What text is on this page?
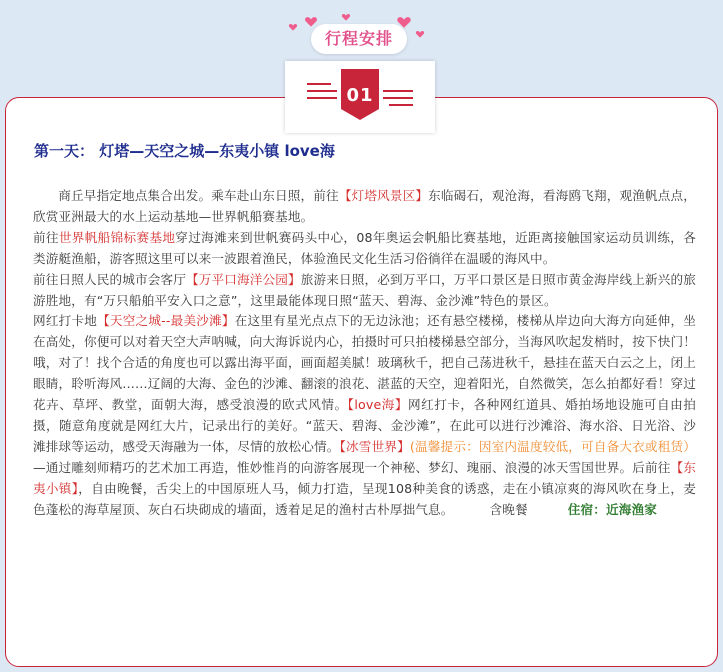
行程安排
01
第一天： 灯塔—天空之城—东夷小镇 love海

商丘早指定地点集合出发。乘车赴山东日照，前往【灯塔风景区】东临碣石，观沧海，看海鸥飞翔，观渔帆点点，欣赏亚洲最大的水上运动基地—世界帆船赛基地。

前往世界帆船锦标赛基地穿过海滩来到世帆赛码头中心，08年奥运会帆船比赛基地，近距离接触国家运动员训练，各类游艇渔船，游客照这里可以来一波跟着渔民，体验渔民文化生活习俗徜徉在温暖的海风中。

前往日照人民的城市会客厅【万平口海洋公园】旅游来日照，必到万平口，万平口景区是日照市黄金海岸线上新兴的旅游胜地，有“万只船舶平安入口之意”，这里最能体现日照“蓝天、碧海、金沙滩”特色的景区。

网红打卡地【天空之城--最美沙滩】在这里有星光点点下的无边泳池；还有悬空楼梯，楼梯从岸边向大海方向延伸，坐在高处，你便可以对着天空大声呐喊，向大海诉说内心，拍摄时可只拍楼梯悬空部分，当海风吹起发梢时，按下快门！哦，对了！找个合适的角度也可以露出海平面，画面超美腻！玻璃秋千，把自己荡进秋千，悬挂在蓝天白云之上，闭上眼睛，聆听海风……辽阔的大海、金色的沙滩、翻滚的浪花、湛蓝的天空，迎着阳光，自然微笑，怎么拍都好看！穿过花卉、草坪、教堂，面朝大海，感受浪漫的欧式风情。【love海】网红打卡，各种网红道具、婚拍场地设施可自由拍摄，随意角度就是网红大片，记录出行的美好。“蓝天、碧海、金沙滩”，在此可以进行沙滩浴、海水浴、日光浴、沙滩排球等运动，感受天海融为一体，尽情的放松心情。【冰雪世界】(温馨提示：因室内温度较低，可自备大衣或租赁）—通过雕刻师精巧的艺术加工再造，惟妙惟肖的向游客展现一个神秘、梦幻、瑰丽、浪漫的冰天雪国世界。后前往【东夷小镇】，自由晚餐，舌尖上的中国原班人马，倾力打造，呈现108种美食的诱惑，走在小镇凉爽的海风吹在身上，麦色蓬松的海草屋顶、灰白石块砌成的墙面，透着足足的渔村古朴厚拙气息。	含晚餐	住宿：近海渔家
